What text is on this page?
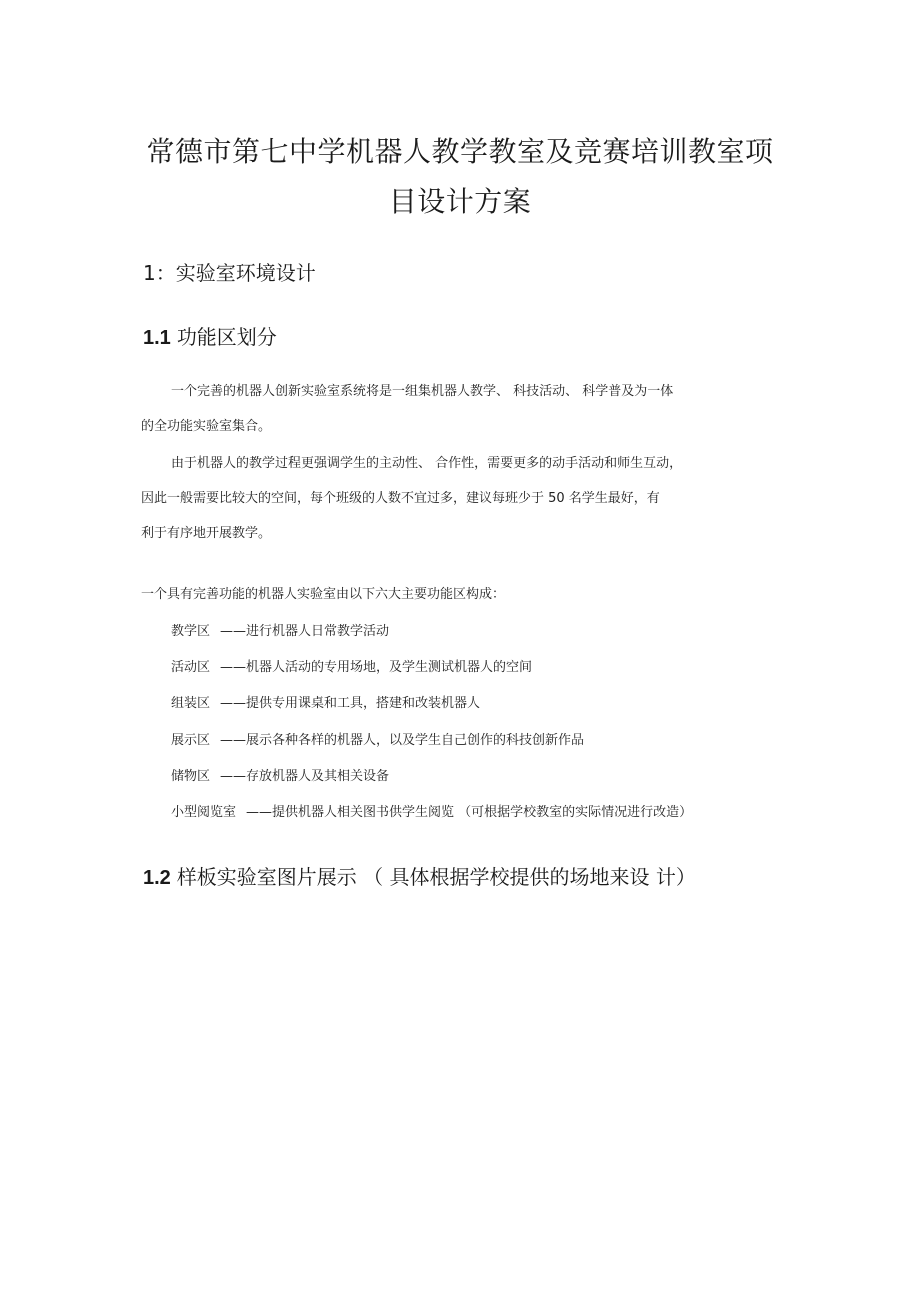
常德市第七中学机器人教学教室及竞赛培训教室项
目设计方案
1：实验室环境设计
1.1 功能区划分
一个完善的机器人创新实验室系统将是一组集机器人教学、 科技活动、 科学普及为一体
的全功能实验室集合。
由于机器人的教学过程更强调学生的主动性、 合作性，需要更多的动手活动和师生互动，
因此一般需要比较大的空间，每个班级的人数不宜过多，建议每班少于 50 名学生最好，有
利于有序地开展教学。
一个具有完善功能的机器人实验室由以下六大主要功能区构成：
教学区 ——进行机器人日常教学活动
活动区 ——机器人活动的专用场地，及学生测试机器人的空间
组装区 ——提供专用课桌和工具，搭建和改装机器人
展示区 ——展示各种各样的机器人，以及学生自己创作的科技创新作品
储物区 ——存放机器人及其相关设备
小型阅览室 ——提供机器人相关图书供学生阅览 （可根据学校教室的实际情况进行改造）
1.2 样板实验室图片展示 （ 具体根据学校提供的场地来设 计）
